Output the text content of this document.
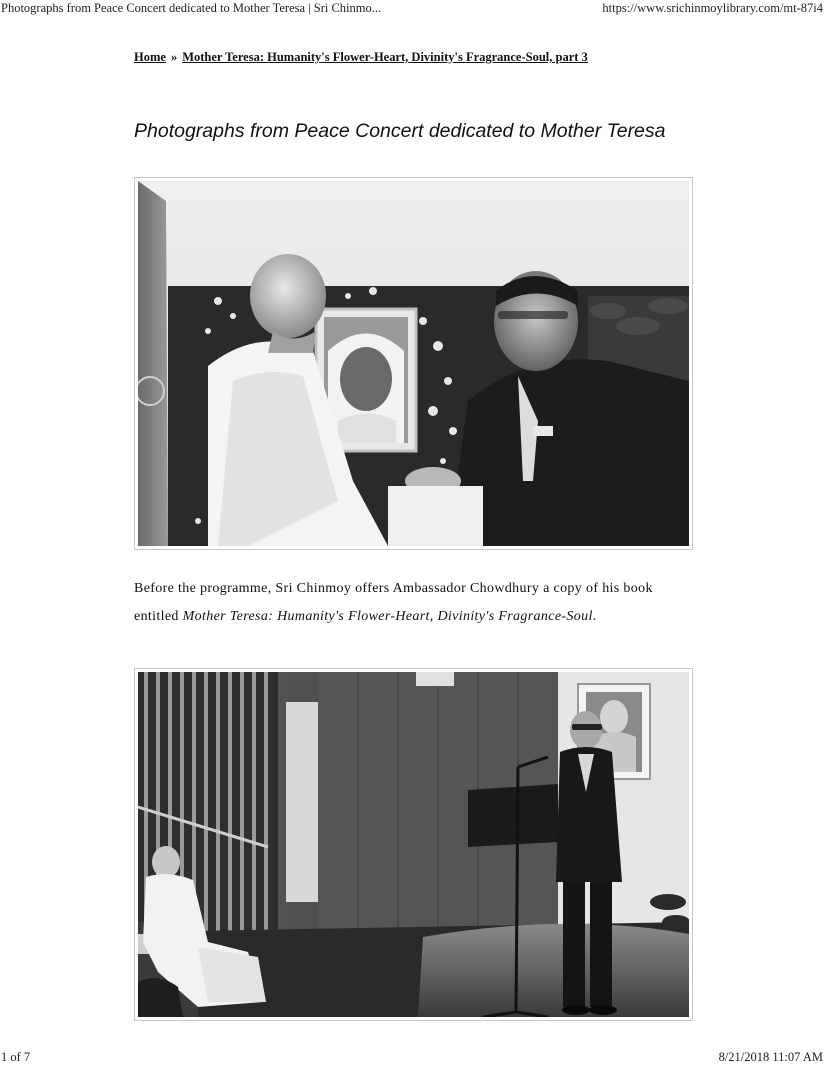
Photographs from Peace Concert dedicated to Mother Teresa | Sri Chinmo...	https://www.srichinmoylibrary.com/mt-87i4
Home » Mother Teresa: Humanity's Flower-Heart, Divinity's Fragrance-Soul, part 3
Photographs from Peace Concert dedicated to Mother Teresa

Before the programme, Sri Chinmoy offers Ambassador Chowdhury a copy of his book entitled Mother Teresa: Humanity's Flower-Heart, Divinity's Fragrance-Soul.

1 of 7	8/21/2018 11:07 AM
